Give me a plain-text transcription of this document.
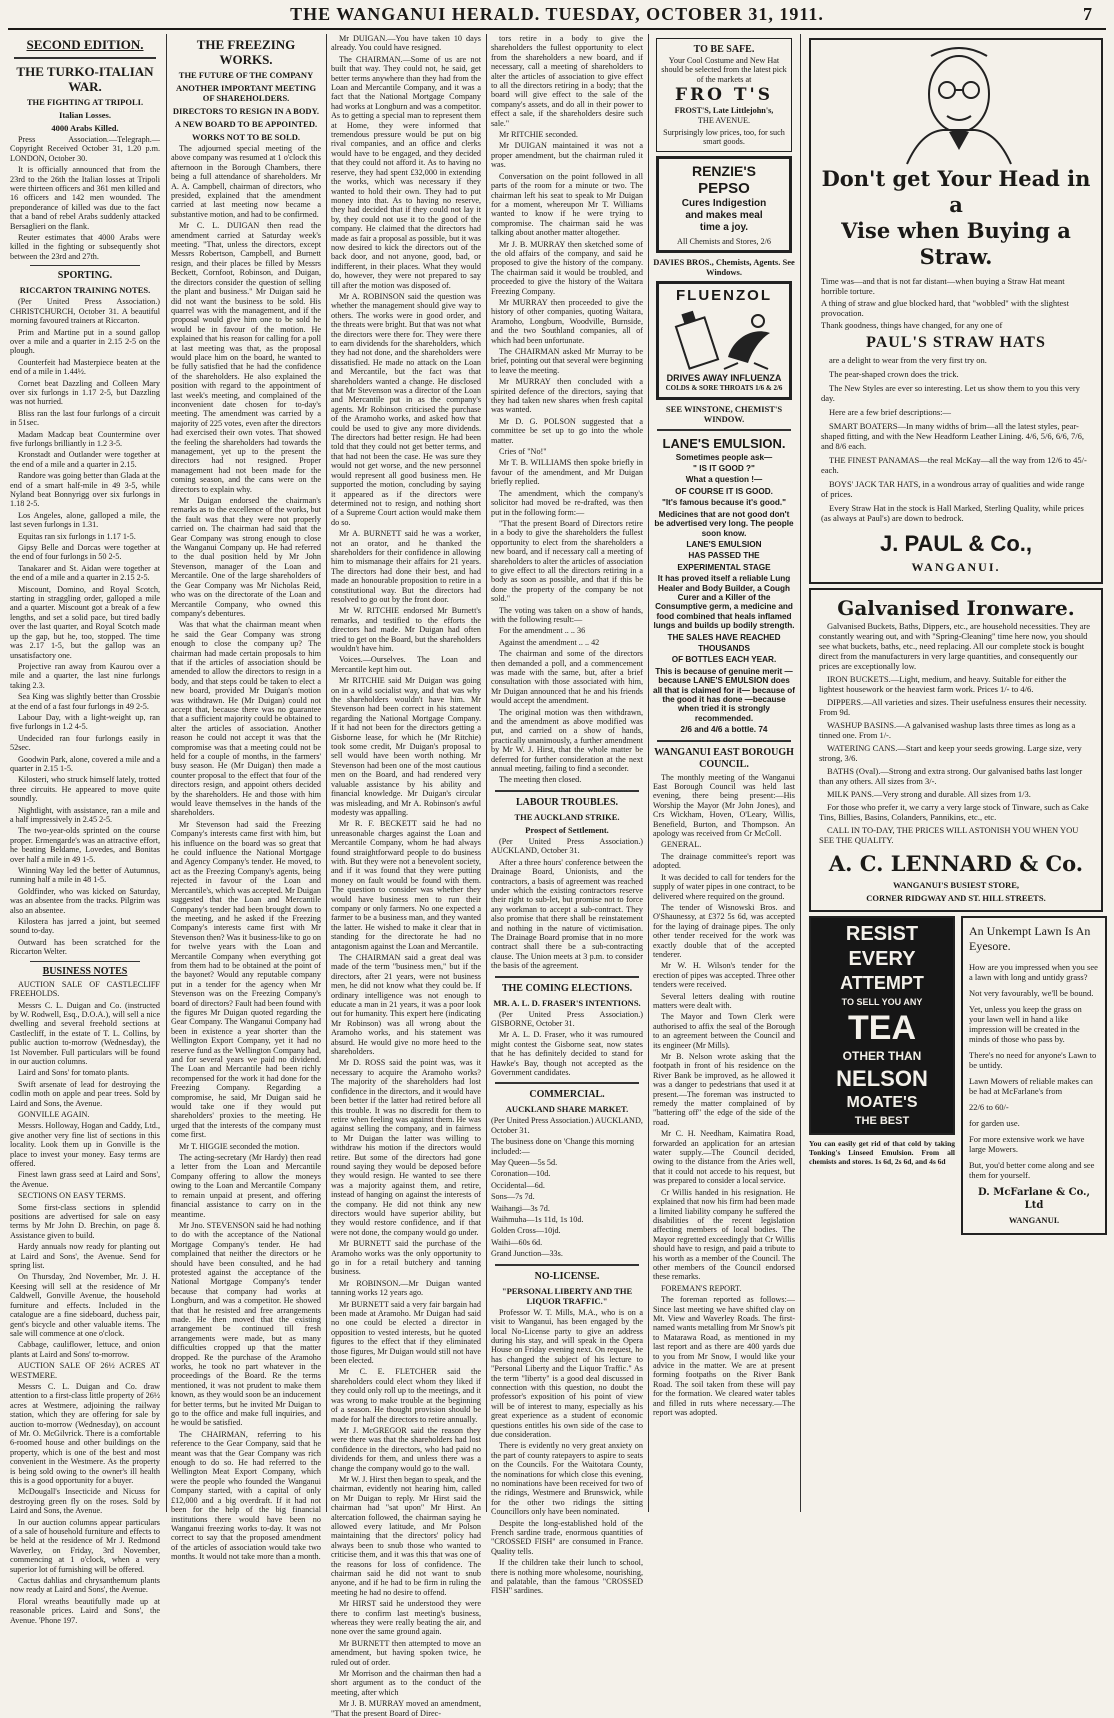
THE WANGANUI HERALD. TUESDAY, OCTOBER 31, 1911.	7
SECOND EDITION.
THE TURKO-ITALIAN WAR.
THE FIGHTING AT TRIPOLI.
Italian Losses.
4000 Arabs Killed.

Press Association.—Telegraph.—Copyright Received October 31, 1.20 p.m. LONDON, October 30.

It is officially announced that from the 23rd to the 26th the Italian losses at Tripoli were thirteen officers and 361 men killed and 16 officers and 142 men wounded. The preponderance of killed was due to the fact that a band of rebel Arabs suddenly attacked Bersaglieri on the flank.

Reuter estimates that 4000 Arabs were killed in the fighting or subsequently shot between the 23rd and 27th.

SPORTING.
RICCARTON TRAINING NOTES.

(Per United Press Association.) CHRISTCHURCH, October 31. A beautiful morning favoured trainers at Riccarton.

Prim and Martine put in a sound gallop over a mile and a quarter in 2.15 2-5 on the plough.

Counterfeit had Masterpiece beaten at the end of a mile in 1.44½.

Cornet beat Dazzling and Colleen Mary over six furlongs in 1.17 2-5, but Dazzling was not hurried.

Bliss ran the last four furlongs of a circuit in 51sec.

Madam Madcap beat Countermine over five furlongs brilliantly in 1.2 3-5.

Kronstadt and Outlander were together at the end of a mile and a quarter in 2.15.

Randore was going better than Glada at the end of a smart half-mile in 49 3-5, while Nyland beat Bonnyrigg over six furlongs in 1.18 2-5.

Los Angeles, alone, galloped a mile, the last seven furlongs in 1.31.

Equitas ran six furlongs in 1.17 1-5.

Gipsy Belle and Dorcas were together at the end of four furlongs in 50 2-5.

Tanakarer and St. Aidan were together at the end of a mile and a quarter in 2.15 2-5.

Miscount, Domino, and Royal Scotch, starting in straggling order, galloped a mile and a quarter. Miscount got a break of a few lengths, and set a solid pace, but tired badly over the last quarter, and Royal Scotch made up the gap, but he, too, stopped. The time was 2.17 1-5, but the gallop was an unsatisfactory one.

Projective ran away from Kaurou over a mile and a quarter, the last nine furlongs taking 2.3.

Sea King was slightly better than Crossbie at the end of a fast four furlongs in 49 2-5.

Labour Day, with a light-weight up, ran five furlongs in 1.2 4-5.

Undecided ran four furlongs easily in 52sec.

Goodwin Park, alone, covered a mile and a quarter in 2.15 1-5.

Kilosteri, who struck himself lately, trotted three circuits. He appeared to move quite soundly.

Nightlight, with assistance, ran a mile and a half impressively in 2.45 2-5.

The two-year-olds sprinted on the course proper. Ermengarde's was an attractive effort, he beating Beldame, Lovedes, and Bonitas over half a mile in 49 1-5.

Winning Way led the better of Autumnus, running half a mile in 48 1-5.

Goldfinder, who was kicked on Saturday, was an absentee from the tracks. Pilgrim was also an absentee.

Kilostera has jarred a joint, but seemed sound to-day.

Outward has been scratched for the Riccarton Welter.

BUSINESS NOTES

AUCTION SALE OF CASTLECLIFF FREEHOLDS.

Messrs C. L. Duigan and Co. (instructed by W. Rodwell, Esq., D.O.A.), will sell a nice dwelling and several freehold sections at Castlecliff, in the estate of T. L. Collins, by public auction to-morrow (Wednesday), the 1st November. Full particulars will be found in our auction columns.

Laird and Sons' for tomato plants.

Swift arsenate of lead for destroying the codlin moth on apple and pear trees. Sold by Laird and Sons, the Avenue.

GONVILLE AGAIN.

Messrs. Holloway, Hogan and Caddy, Ltd., give another very fine list of sections in this locality. Look them up in Gonville is the place to invest your money. Easy terms are offered.

Finest lawn grass seed at Laird and Sons', the Avenue.

SECTIONS ON EASY TERMS.

Some first-class sections in splendid positions are advertised for sale on easy terms by Mr John D. Brechin, on page 8. Assistance given to build.

Hardy annuals now ready for planting out at Laird and Sons', the Avenue. Send for spring list.

On Thursday, 2nd November, Mr. J. H. Keesing will sell at the residence of Mr Caldwell, Gonville Avenue, the household furniture and effects. Included in the catalogue are a fine sideboard, duchess pair, gent's bicycle and other valuable items. The sale will commence at one o'clock.

Cabbage, cauliflower, lettuce, and onion plants at Laird and Sons' to-morrow.

AUCTION SALE OF 26½ ACRES AT WESTMERE.

Messrs C. L. Duigan and Co. draw attention to a first-class little property of 26½ acres at Westmere, adjoining the railway station, which they are offering for sale by auction to-morrow (Wednesday), on account of Mr. O. McGilvrick. There is a comfortable 6-roomed house and other buildings on the property, which is one of the best and most convenient in the Westmere. As the property is being sold owing to the owner's ill health this is a good opportunity for a buyer.

McDougall's Insecticide and Nicuss for destroying green fly on the roses. Sold by Laird and Sons, the Avenue.

In our auction columns appear particulars of a sale of household furniture and effects to be held at the residence of Mr J. Redmond Waverley, on Friday, 3rd November, commencing at 1 o'clock, when a very superior lot of furnishing will be offered.

Cactus dahlias and chrysanthemum plants now ready at Laird and Sons', the Avenue.

Floral wreaths beautifully made up at reasonable prices. Laird and Sons', the Avenue. 'Phone 197.

THE FREEZING WORKS.
THE FUTURE OF THE COMPANY
ANOTHER IMPORTANT MEETING OF SHAREHOLDERS.
DIRECTORS TO RESIGN IN A BODY.
A NEW BOARD TO BE APPOINTED.
WORKS NOT TO BE SOLD.

The adjourned special meeting of the above company was resumed at 1 o'clock this afternoon in the Borough Chambers, there being a full attendance of shareholders. Mr A. A. Campbell, chairman of directors, who presided, explained that the amendment carried at last meeting now became a substantive motion, and had to be confirmed.

Mr C. L. DUIGAN then read the amendment carried at Saturday week's meeting. "That, unless the directors, except Messrs Robertson, Campbell, and Burnett resign, and their places be filled by Messrs Beckett, Cornfoot, Robinson, and Duigan, the directors consider the question of selling the plant and business." Mr Duigan said he did not want the business to be sold. His quarrel was with the management, and if the proposal would give him one to be sold he would be in favour of the motion. He explained that his reason for calling for a poll at last meeting was that, as the proposal would place him on the board, he wanted to be fully satisfied that he had the confidence of the shareholders. He also explained the position with regard to the appointment of last week's meeting, and complained of the inconvenient date chosen for to-day's meeting. The amendment was carried by a majority of 225 votes, even after the directors had exercised their own votes. That showed the feeling the shareholders had towards the management, yet up to the present the directors had not resigned. Proper management had not been made for the coming season, and the cans were on the directors to explain why.

Mr Duigan endorsed the chairman's remarks as to the excellence of the works, but the fault was that they were not properly carried on. The chairman had said that the Gear Company was strong enough to close the Wanganui Company up. He had referred to the dual position held by Mr John Stevenson, manager of the Loan and Mercantile. One of the large shareholders of the Gear Company was Mr Nicholas Reid, who was on the directorate of the Loan and Mercantile Company, who owned this company's debentures.

Was that what the chairman meant when he said the Gear Company was strong enough to close the company up? The chairman had made certain proposals to him that if the articles of association should be amended to allow the directors to resign in a body, and that steps could be taken to elect a new board, provided Mr Duigan's motion was withdrawn. He (Mr Duigan) could not accept that, because there was no guarantee that a sufficient majority could be obtained to alter the articles of association. Another reason he could not accept it was that the compromise was that a meeting could not be held for a couple of months, in the farmers' busy season. He (Mr Duigan) then made a counter proposal to the effect that four of the directors resign, and appoint others decided by the shareholders. He and those with him would leave themselves in the hands of the shareholders.

Mr Stevenson had said the Freezing Company's interests came first with him, but his influence on the board was so great that he could influence the National Mortgage and Agency Company's tender. He moved, to act as the Freezing Company's agents, being rejected in favour of the Loan and Mercantile's, which was accepted. Mr Duigan suggested that the Loan and Mercantile Company's tender had been brought down to the meeting, and he asked if the Freezing Company's interests came first with Mr Stevenson then? Was it business-like to go on for twelve years with the Loan and Mercantile Company when everything got from them had to be obtained at the point of the bayonet? Would any reputable company put in a tender for the agency when Mr Stevenson was on the Freezing Company's board of directors? Fault had been found with the figures Mr Duigan quoted regarding the Gear Company. The Wanganui Company had been in existence a year shorter than the Wellington Export Company, yet it had no reserve fund as the Wellington Company had, and for several years we paid no dividend. The Loan and Mercantile had been richly recompensed for the work it had done for the Freezing Company. Regarding a compromise, he said, Mr Duigan said he would take one if they would put shareholders' proxies to the meeting. He urged that the interests of the company must come first.

Mr T. HIGGIE seconded the motion.

The acting-secretary (Mr Hardy) then read a letter from the Loan and Mercantile Company offering to allow the moneys owing to the Loan and Mercantile Company to remain unpaid at present, and offering financial assistance to carry on in the meantime.

Mr Jno. STEVENSON said he had nothing to do with the acceptance of the National Mortgage Company's tender. He had complained that neither the directors or he should have been consulted, and he had protested against the acceptance of the National Mortgage Company's tender because that company had works at Longburn, and was a competitor. He showed that that he resisted and free arrangements made. He then moved that the existing arrangement be continued till fresh arrangements were made, but as many difficulties cropped up that the matter dropped. Re the purchase of the Aramoho works, he took no part whatever in the proceedings of the Board. Re the terms mentioned, it was not prudent to make them known, as they would soon be an inducement for better terms, but he invited Mr Duigan to go to the office and make full inquiries, and he would be satisfied.

The CHAIRMAN, referring to his reference to the Gear Company, said that he meant was that the Gear Company was rich enough to do so. He had referred to the Wellington Meat Export Company, which were the people who founded the Wanganui Company started, with a capital of only £12,000 and a big overdraft. If it had not been for the help of the big financial institutions there would have been no Wanganui freezing works to-day. It was not correct to say that the proposed amendment of the articles of association would take two months. It would not take more than a month.

Mr DUIGAN.—You have taken 10 days already. You could have resigned.

The CHAIRMAN.—Some of us are not built that way. They could not, he said, get better terms anywhere than they had from the Loan and Mercantile Company, and it was a fact that the National Mortgage Company had works at Longburn and was a competitor. As to getting a special man to represent them at Home, they were informed that tremendous pressure would be put on big rival companies, and an office and clerks would have to be engaged, and they decided that they could not afford it. As to having no reserve, they had spent £32,000 in extending the works, which was necessary if they wanted to hold their own. They had to put money into that. As to having no reserve, they had decided that if they could not lay it by, they could not use it to the good of the company. He claimed that the directors had made as fair a proposal as possible, but it was now desired to kick the directors out of the back door, and not anyone, good, bad, or indifferent, in their places. What they would do, however, they were not prepared to say till after the motion was disposed of.

Mr A. ROBINSON said the question was whether the management should give way to others. The works were in good order, and the threats were bright. But that was not what the directors were there for. They were there to earn dividends for the shareholders, which they had not done, and the shareholders were dissatisfied. He made no attack on the Loan and Mercantile, but the fact was that shareholders wanted a change. He disclosed that Mr Stevenson was a director of the Loan and Mercantile put in as the company's agents. Mr Robinson criticised the purchase of the Aramoho works, and asked how that could be used to give any more dividends. The directors had better resign. He had been told that they could not get better terms, and that had not been the case. He was sure they would not get worse, and the new personnel would represent all good business men. He supported the motion, concluding by saying it appeared as if the directors were determined not to resign, and nothing short of a Supreme Court action would make them do so.

Mr A. BURNETT said he was a worker, not an orator, and he thanked the shareholders for their confidence in allowing him to mismanage their affairs for 21 years. The directors had done their best, and had made an honourable proposition to retire in a constitutional way. But the directors had resolved to go out by the front door.

Mr W. RITCHIE endorsed Mr Burnett's remarks, and testified to the efforts the directors had made. Mr Duigan had often tried to get on the Board, but the shareholders wouldn't have him.

Voices.—Ourselves. The Loan and Mercantile kept him out.

Mr RITCHIE said Mr Duigan was going on in a wild socialist way, and that was why the shareholders wouldn't have him. Mr Stevenson had been correct in his statement regarding the National Mortgage Company. If it had not been for the directors getting a Gisborne lease, for which he (Mr Ritchie) took some credit, Mr Duigan's proposal to sell would have been worth nothing. Mr Stevenson had been one of the most cautious men on the Board, and had rendered very valuable assistance by his ability and financial knowledge. Mr Duigan's circular was misleading, and Mr A. Robinson's awful modesty was appalling.

Mr R. F. BECKETT said he had no unreasonable charges against the Loan and Mercantile Company, whom he had always found straightforward people to do business with. But they were not a benevolent society, and if it was found that they were putting money on fault would be found with them. The question to consider was whether they would have business men to run their company or only farmers. No one expected a farmer to be a business man, and they wanted the latter. He wished to make it clear that in standing for the directorate he had no antagonism against the Loan and Mercantile.

The CHAIRMAN said a great deal was made of the term "business men," but if the directors, after 21 years, were not business men, he did not know what they could be. If ordinary intelligence was not enough to educate a man in 21 years, it was a poor look out for humanity. This expert here (indicating Mr Robinson) was all wrong about the Aramoho works, and his statement was absurd. He would give no more heed to the shareholders.

Mr D. ROSS said the point was, was it necessary to acquire the Aramoho works? The majority of the shareholders had lost confidence in the directors, and it would have been better if the latter had retired before all this trouble. It was no discredit for them to retire when feeling was against them. He was against selling the company, and in fairness to Mr Duigan the latter was willing to withdraw his motion if the directors would retire. But some of the directors had gone round saying they would be deposed before they would resign. He wanted to see there was a majority against them, and retire, instead of hanging on against the interests of the company. He did not think any new directors would have superior ability, but they would restore confidence, and if that were not done, the company would go under.

Mr BURNETT said the purchase of the Aramoho works was the only opportunity to go in for a retail butchery and tanning business.

Mr ROBINSON.—Mr Duigan wanted tanning works 12 years ago.

Mr BURNETT said a very fair bargain had been made at Aramoho. Mr Duigan had said no one could be elected a director in opposition to vested interests, but he quoted figures to the effect that if they eliminated those figures, Mr Duigan would still not have been elected.

Mr C. E. FLETCHER said the shareholders could elect whom they liked if they could only roll up to the meetings, and it was wrong to make trouble at the beginning of a season. He thought provision should be made for half the directors to retire annually.

Mr J. McGREGOR said the reason they were there was that the shareholders had lost confidence in the directors, who had paid no dividends for them, and unless there was a change the company would go to the wall.

Mr W. J. Hirst then began to speak, and the chairman, evidently not hearing him, called on Mr Duigan to reply. Mr Hirst said the chairman had "sat upon" Mr Hirst. An altercation followed, the chairman saying he allowed every latitude, and Mr Polson maintaining that the directors' policy had always been to snub those who wanted to criticise them, and it was this that was one of the reasons for loss of confidence. The chairman said he did not want to snub anyone, and if he had to be firm in ruling the meeting he had no desire to offend.

Mr HIRST said he understood they were there to confirm last meeting's business, whereas they were really beating the air, and none over the same ground again.

Mr BURNETT then attempted to move an amendment, but having spoken twice, he ruled out of order.

Mr Morrison and the chairman then had a short argument as to the conduct of the meeting, after which

Mr J. B. MURRAY moved an amendment, "That the present Board of Direc-

tors retire in a body to give the shareholders the fullest opportunity to elect from the shareholders a new board, and if necessary, call a meeting of shareholders to alter the articles of association to give effect to all the directors retiring in a body; that the board will give effect to the sale of the company's assets, and do all in their power to effect a sale, if the shareholders desire such sale."

Mr RITCHIE seconded.

Mr DUIGAN maintained it was not a proper amendment, but the chairman ruled it was.

Conversation on the point followed in all parts of the room for a minute or two. The chairman left his seat to speak to Mr Duigan for a moment, whereupon Mr T. Williams wanted to know if he were trying to compromise. The chairman said he was talking about another matter altogether.

Mr J. B. MURRAY then sketched some of the old affairs of the company, and said he proposed to give the history of the company. The chairman said it would be troubled, and proceeded to give the history of the Waitara Freezing Company.

Mr MURRAY then proceeded to give the history of other companies, quoting Waitara, Aramoho, Longburn, Woodville, Burnside, and the two Southland companies, all of which had been unfortunate.

The CHAIRMAN asked Mr Murray to be brief, pointing out that several were beginning to leave the meeting.

Mr MURRAY then concluded with a spirited defence of the directors, saying that they had taken new shares when fresh capital was wanted.

Mr D. G. POLSON suggested that a committee be set up to go into the whole matter.

Cries of "No!"

Mr T. B. WILLIAMS then spoke briefly in favour of the amendment, and Mr Duigan briefly replied.

The amendment, which the company's solicitor had moved be re-drafted, was then put in the following form:—

"That the present Board of Directors retire in a body to give the shareholders the fullest opportunity to elect from the shareholders a new board, and if necessary call a meeting of shareholders to alter the articles of association to give effect to all the directors retiring in a body as soon as possible, and that if this be done the property of the company be not sold."

The voting was taken on a show of hands, with the following result:—

For the amendment .. .. 36

Against the amendment .. .. 42

The chairman and some of the directors then demanded a poll, and a commencement was made with the same, but, after a brief consultation with those associated with him, Mr Duigan announced that he and his friends would accept the amendment.

The original motion was then withdrawn, and the amendment as above modified was put, and carried on a show of hands, practically unanimously, a further amendment by Mr W. J. Hirst, that the whole matter be deferred for further consideration at the next annual meeting, failing to find a seconder.

The meeting then closed.

LABOUR TROUBLES.
THE AUCKLAND STRIKE.
Prospect of Settlement.

(Per United Press Association.) AUCKLAND, October 31.

After a three hours' conference between the Drainage Board, Unionists, and the contractors, a basis of agreement was reached under which the existing contractors reserve their right to sub-let, but promise not to force any workman to accept a sub-contract. They also promise that there shall be reinstatement and nothing in the nature of victimisation. The Drainage Board promise that in no more contract shall there be a sub-contracting clause. The Union meets at 3 p.m. to consider the basis of the agreement.

THE COMING ELECTIONS.
MR. A. L. D. FRASER'S INTENTIONS.

(Per United Press Association.) GISBORNE, October 31.

Mr A. L. D. Fraser, who it was rumoured might contest the Gisborne seat, now states that he has definitely decided to stand for Hawke's Bay, though not accepted as the Government candidates.

COMMERCIAL.
AUCKLAND SHARE MARKET.

(Per United Press Association.) AUCKLAND, October 31.

The business done on 'Change this morning included:—

May Queen—5s 5d.

Coronation—10d.

Occidental—6d.

Sons—7s 7d.

Waihangi—3s 7d.

Waihmuha—1s 11d, 1s 10d.

Golden Cross—10jd.

Waihi—60s 6d.

Grand Junction—33s.

NO-LICENSE.
"PERSONAL LIBERTY AND THE LIQUOR TRAFFIC."

Professor W. T. Mills, M.A., who is on a visit to Wanganui, has been engaged by the local No-License party to give an address during his stay, and will speak in the Opera House on Friday evening next. On request, he has changed the subject of his lecture to "Personal Liberty and the Liquor Traffic." As the term "liberty" is a good deal discussed in connection with this question, no doubt the professor's exposition of his point of view will be of interest to many, especially as his great experience as a student of economic questions entitles his own side of the case to due consideration.

There is evidently no very great anxiety on the part of county ratepayers to aspire to seats on the Councils. For the Waitotara County, the nominations for which close this evening, no nominations have been received for two of the ridings, Westmere and Brunswick, while for the other two ridings the sitting Councillors only have been nominated.

Despite the long-established hold of the French sardine trade, enormous quantities of "CROSSED FISH" are consumed in France. Quality tells.

If the children take their lunch to school, there is nothing more wholesome, nourishing, and palatable, than the famous "CROSSED FISH" sardines.

TO BE SAFE.
Your Cool Costume and New Hat should be selected from the latest pick of the markets at
FRO T'S
FROST'S, Late Littlejohn's,
THE AVENUE.
Surprisingly low prices, too, for such smart goods.
RENZIE'S
PEPSO
Cures Indigestion
and makes meal
time a joy.
All Chemists and Stores, 2/6
DAVIES BROS., Chemists, Agents. See Windows.
FLUENZOL
DRIVES AWAY INFLUENZA
COLDS & SORE THROATS 1/6 & 2/6
SEE WINSTONE, CHEMIST'S WINDOW.
LANE'S EMULSION.

Sometimes people ask—

" IS IT GOOD ?"

What a question !—

OF COURSE IT IS GOOD.

"It's famous because it's good."

Medicines that are not good don't be advertised very long. The people soon know.

LANE'S EMULSION

HAS PASSED THE

EXPERIMENTAL STAGE

It has proved itself a reliable Lung Healer and Body Builder, a Cough Curer and a Killer of the Consumptive germ, a medicine and food combined that heals inflamed lungs and builds up bodily strength.

THE SALES HAVE REACHED

THOUSANDS

OF BOTTLES EACH YEAR.

This is because of genuine merit —because LANE'S EMULSION does all that is claimed for it— because of the good it has done —because when tried it is strongly recommended.

2/6 and 4/6 a bottle. 74

WANGANUI EAST BOROUGH COUNCIL.

The monthly meeting of the Wanganui East Borough Council was held last evening, there being present:—His Worship the Mayor (Mr John Jones), and Crs Wickham, Hoven, O'Leary, Willis, Benefield, Burton, and Thompson. An apology was received from Cr McColl.

GENERAL.

The drainage committee's report was adopted.

It was decided to call for tenders for the supply of water pipes in one contract, to be delivered where required on the ground.

The tender of Wisnowski Bros. and O'Shaunessy, at £372 5s 6d, was accepted for the laying of drainage pipes. The only other tender received for the work was exactly double that of the accepted tenderer.

Mr W. H. Wilson's tender for the erection of pipes was accepted. Three other tenders were received.

Several letters dealing with routine matters were dealt with.

The Mayor and Town Clerk were authorised to affix the seal of the Borough to an agreement between the Council and its engineer (Mr Mills).

Mr B. Nelson wrote asking that the footpath in front of his residence on the River Bank be improved, as he allowed it was a danger to pedestrians that used it at present.—The foreman was instructed to remedy the matter complained of by "battering off" the edge of the side of the road.

Mr C. H. Needham, Kaimatira Road, forwarded an application for an artesian water supply.—The Council decided, owing to the distance from the Aries well, that it could not accede to his request, but was prepared to consider a local service.

Cr Willis handed in his resignation. He explained that now his firm had been made a limited liability company he suffered the disabilities of the recent legislation affecting members of local bodies. The Mayor regretted exceedingly that Cr Willis should have to resign, and paid a tribute to his worth as a member of the Council. The other members of the Council endorsed these remarks.

FOREMAN'S REPORT.

The foreman reported as follows:—Since last meeting we have shifted clay on Mt. View and Waverley Roads. The first-named wants metalling from Mr Snow's pit to Matarawa Road, as mentioned in my last report and as there are 400 yards due to you from Mr Snow, I would like your advice in the matter. We are at present forming footpaths on the River Bank Road. The soil taken from these will pay for the formation. We cleared water tables and filled in ruts where necessary.—The report was adopted.

Don't get Your Head in a
Vise when Buying a Straw.

Time was—and that is not far distant—when buying a Straw Hat meant horrible torture.

A thing of straw and glue blocked hard, that "wobbled" with the slightest provocation.

Thank goodness, things have changed, for any one of

PAUL'S STRAW HATS

are a delight to wear from the very first try on.

The pear-shaped crown does the trick.

The New Styles are ever so interesting. Let us show them to you this very day.

Here are a few brief descriptions:—

SMART BOATERS—In many widths of brim—all the latest styles, pear-shaped fitting, and with the New Headform Leather Lining. 4/6, 5/6, 6/6, 7/6, and 8/6 each.

THE FINEST PANAMAS—the real McKay—all the way from 12/6 to 45/- each.

BOYS' JACK TAR HATS, in a wondrous array of qualities and wide range of prices.

Every Straw Hat in the stock is Hall Marked, Sterling Quality, while prices (as always at Paul's) are down to bedrock.

J. PAUL & Co.,
WANGANUI.
Galvanised Ironware.

Galvanised Buckets, Baths, Dippers, etc., are household necessities. They are constantly wearing out, and with "Spring-Cleaning" time here now, you should see what buckets, baths, etc., need replacing. All our complete stock is bought direct from the manufacturers in very large quantities, and consequently our prices are exceptionally low.

IRON BUCKETS.—Light, medium, and heavy. Suitable for either the lightest housework or the heaviest farm work. Prices 1/- to 4/6.

DIPPERS.—All varieties and sizes. Their usefulness ensures their necessity. From 9d.

WASHUP BASINS.—A galvanised washup lasts three times as long as a tinned one. From 1/-.

WATERING CANS.—Start and keep your seeds growing. Large size, very strong, 3/6.

BATHS (Oval).—Strong and extra strong. Our galvanised baths last longer than any others. All sizes from 3/-.

MILK PANS.—Very strong and durable. All sizes from 1/3.

For those who prefer it, we carry a very large stock of Tinware, such as Cake Tins, Billies, Basins, Colanders, Pannikins, etc., etc.

CALL IN TO-DAY, THE PRICES WILL ASTONISH YOU WHEN YOU SEE THE QUALITY.

A. C. LENNARD & Co.
WANGANUI'S BUSIEST STORE,
CORNER RIDGWAY AND ST. HILL STREETS.
RESIST
EVERY
ATTEMPT
TO SELL YOU ANY
TEA
OTHER THAN
NELSON
MOATE'S
THE BEST
You can easily get rid of that cold by taking Tonking's Linseed Emulsion. From all chemists and stores. 1s 6d, 2s 6d, and 4s 6d
An Unkempt Lawn Is An Eyesore.

How are you impressed when you see a lawn with long and untidy grass?

Not very favourably, we'll be bound.

Yet, unless you keep the grass on your lawn well in hand a like impression will be created in the minds of those who pass by.

There's no need for anyone's Lawn to be untidy.

Lawn Mowers of reliable makes can be had at McFarlane's from

22/6 to 60/-

for garden use.

For more extensive work we have large Mowers.

But, you'd better come along and see them for yourself.

D. McFarlane & Co., Ltd
WANGANUI.
